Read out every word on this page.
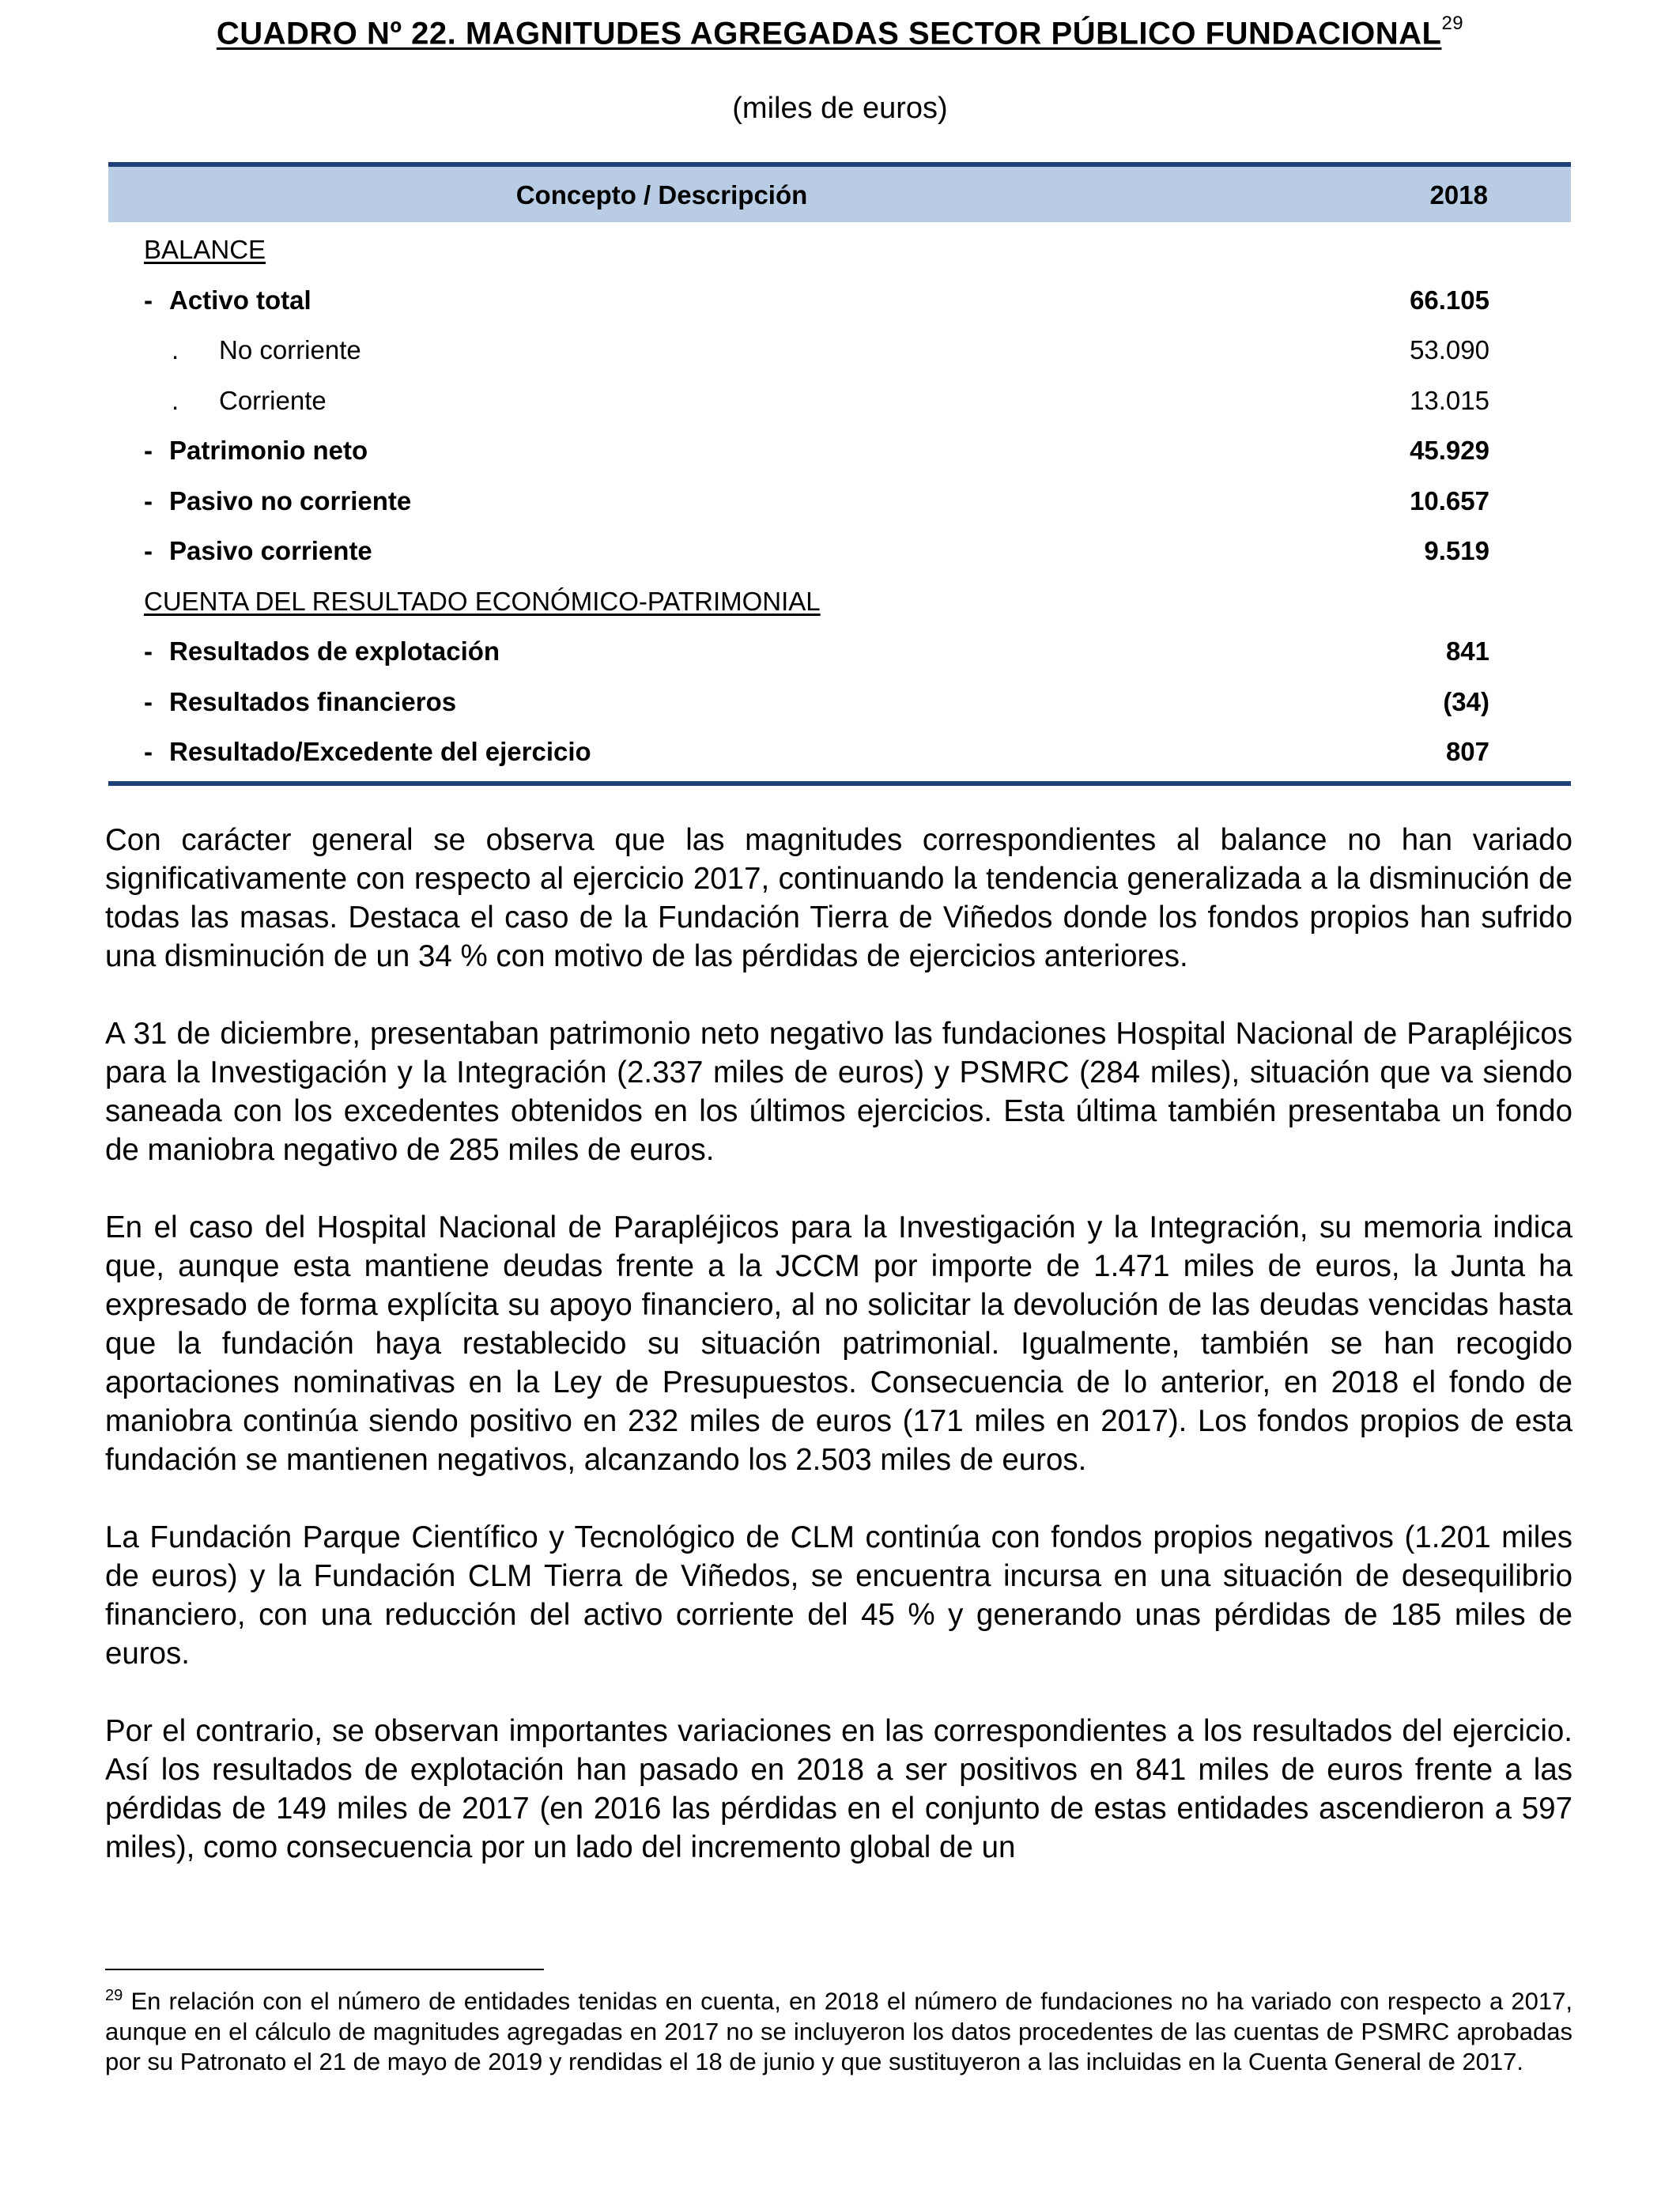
CUADRO Nº 22. MAGNITUDES AGREGADAS SECTOR PÚBLICO FUNDACIONAL$^{29}$
(miles de euros)
Concepto / Descripción	2018
BALANCE
- Activo total	66.105
. No corriente	53.090
. Corriente	13.015
- Patrimonio neto	45.929
- Pasivo no corriente	10.657
- Pasivo corriente	9.519
CUENTA DEL RESULTADO ECONÓMICO-PATRIMONIAL
- Resultados de explotación	841
- Resultados financieros	(34)
- Resultado/Excedente del ejercicio	807

Con carácter general se observa que las magnitudes correspondientes al balance no han variado significativamente con respecto al ejercicio 2017, continuando la tendencia generalizada a la disminución de todas las masas. Destaca el caso de la Fundación Tierra de Viñedos donde los fondos propios han sufrido una disminución de un 34 % con motivo de las pérdidas de ejercicios anteriores.

A 31 de diciembre, presentaban patrimonio neto negativo las fundaciones Hospital Nacional de Parapléjicos para la Investigación y la Integración (2.337 miles de euros) y PSMRC (284 miles), situación que va siendo saneada con los excedentes obtenidos en los últimos ejercicios. Esta última también presentaba un fondo de maniobra negativo de 285 miles de euros.

En el caso del Hospital Nacional de Parapléjicos para la Investigación y la Integración, su memoria indica que, aunque esta mantiene deudas frente a la JCCM por importe de 1.471 miles de euros, la Junta ha expresado de forma explícita su apoyo financiero, al no solicitar la devolución de las deudas vencidas hasta que la fundación haya restablecido su situación patrimonial. Igualmente, también se han recogido aportaciones nominativas en la Ley de Presupuestos. Consecuencia de lo anterior, en 2018 el fondo de maniobra continúa siendo positivo en 232 miles de euros (171 miles en 2017). Los fondos propios de esta fundación se mantienen negativos, alcanzando los 2.503 miles de euros.

La Fundación Parque Científico y Tecnológico de CLM continúa con fondos propios negativos (1.201 miles de euros) y la Fundación CLM Tierra de Viñedos, se encuentra incursa en una situación de desequilibrio financiero, con una reducción del activo corriente del 45 % y generando unas pérdidas de 185 miles de euros.

Por el contrario, se observan importantes variaciones en las correspondientes a los resultados del ejercicio. Así los resultados de explotación han pasado en 2018 a ser positivos en 841 miles de euros frente a las pérdidas de 149 miles de 2017 (en 2016 las pérdidas en el conjunto de estas entidades ascendieron a 597 miles), como consecuencia por un lado del incremento global de un

$^{29}$ En relación con el número de entidades tenidas en cuenta, en 2018 el número de fundaciones no ha variado con respecto a 2017, aunque en el cálculo de magnitudes agregadas en 2017 no se incluyeron los datos procedentes de las cuentas de PSMRC aprobadas por su Patronato el 21 de mayo de 2019 y rendidas el 18 de junio y que sustituyeron a las incluidas en la Cuenta General de 2017.
